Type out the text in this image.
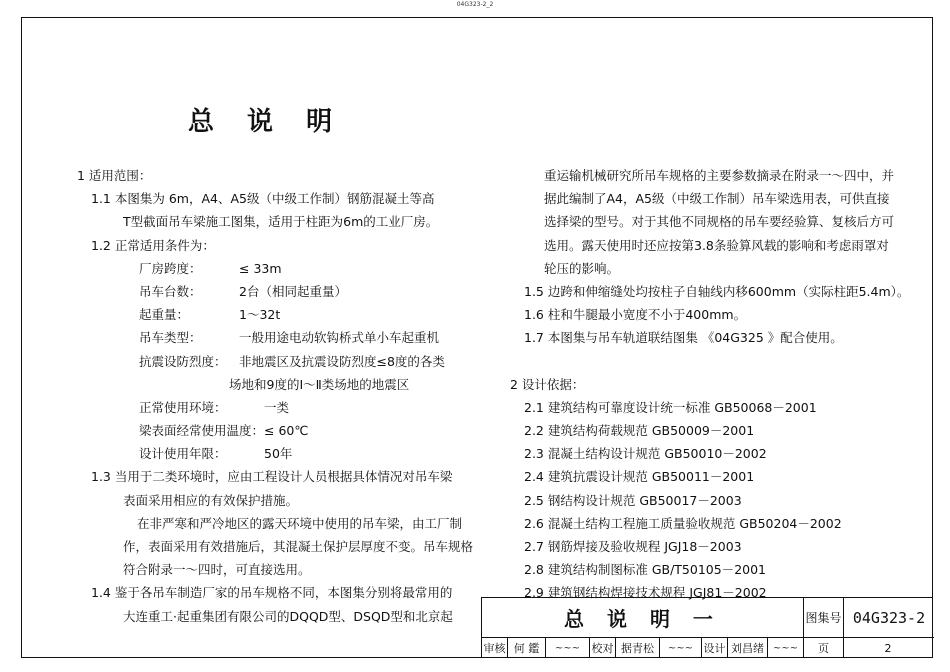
04G323-2_2
总 说 明
1 适用范围：
1.1 本图集为 6m，A4、A5级（中级工作制）钢筋混凝土等高
T型截面吊车梁施工图集，适用于柱距为6m的工业厂房。
1.2 正常适用条件为：
厂房跨度：	≤ 33m
吊车台数：	2台（相同起重量）
起重量：	1～32t
吊车类型：	一般用途电动软钩桥式单小车起重机
抗震设防烈度： 非地震区及抗震设防烈度≤8度的各类
场地和9度的Ⅰ～Ⅱ类场地的地震区
正常使用环境：	一类
梁表面经常使用温度： ≤ 60℃
设计使用年限：	50年
1.3 当用于二类环境时，应由工程设计人员根据具体情况对吊车梁
表面采用相应的有效保护措施。
在非严寒和严冷地区的露天环境中使用的吊车梁，由工厂制
作，表面采用有效措施后，其混凝土保护层厚度不变。吊车规格
符合附录一～四时，可直接选用。
1.4 鉴于各吊车制造厂家的吊车规格不同，本图集分别将最常用的
大连重工·起重集团有限公司的DQQD型、DSQD型和北京起
重运输机械研究所吊车规格的主要参数摘录在附录一～四中，并
据此编制了A4，A5级（中级工作制）吊车梁选用表，可供直接
选择梁的型号。对于其他不同规格的吊车要经验算、复核后方可
选用。露天使用时还应按第3.8条验算风载的影响和考虑雨罩对
轮压的影响。
1.5 边跨和伸缩缝处均按柱子自轴线内移600mm（实际柱距5.4m）。
1.6 柱和牛腿最小宽度不小于400mm。
1.7 本图集与吊车轨道联结图集 《04G325 》配合使用。
2 设计依据：
2.1 建筑结构可靠度设计统一标准 GB50068－2001
2.2 建筑结构荷载规范 GB50009－2001
2.3 混凝土结构设计规范 GB50010－2002
2.4 建筑抗震设计规范 GB50011－2001
2.5 钢结构设计规范 GB50017－2003
2.6 混凝土结构工程施工质量验收规范 GB50204－2002
2.7 钢筋焊接及验收规程 JGJ18－2003
2.8 建筑结构制图标准 GB/T50105－2001
2.9 建筑钢结构焊接技术规程 JGJ81－2002
总 说 明 一	图集号 04G323-2
审核 何 鑑	~~~	校对 据青松	~~~ 设计 刘昌绪 ~~~	页	2
